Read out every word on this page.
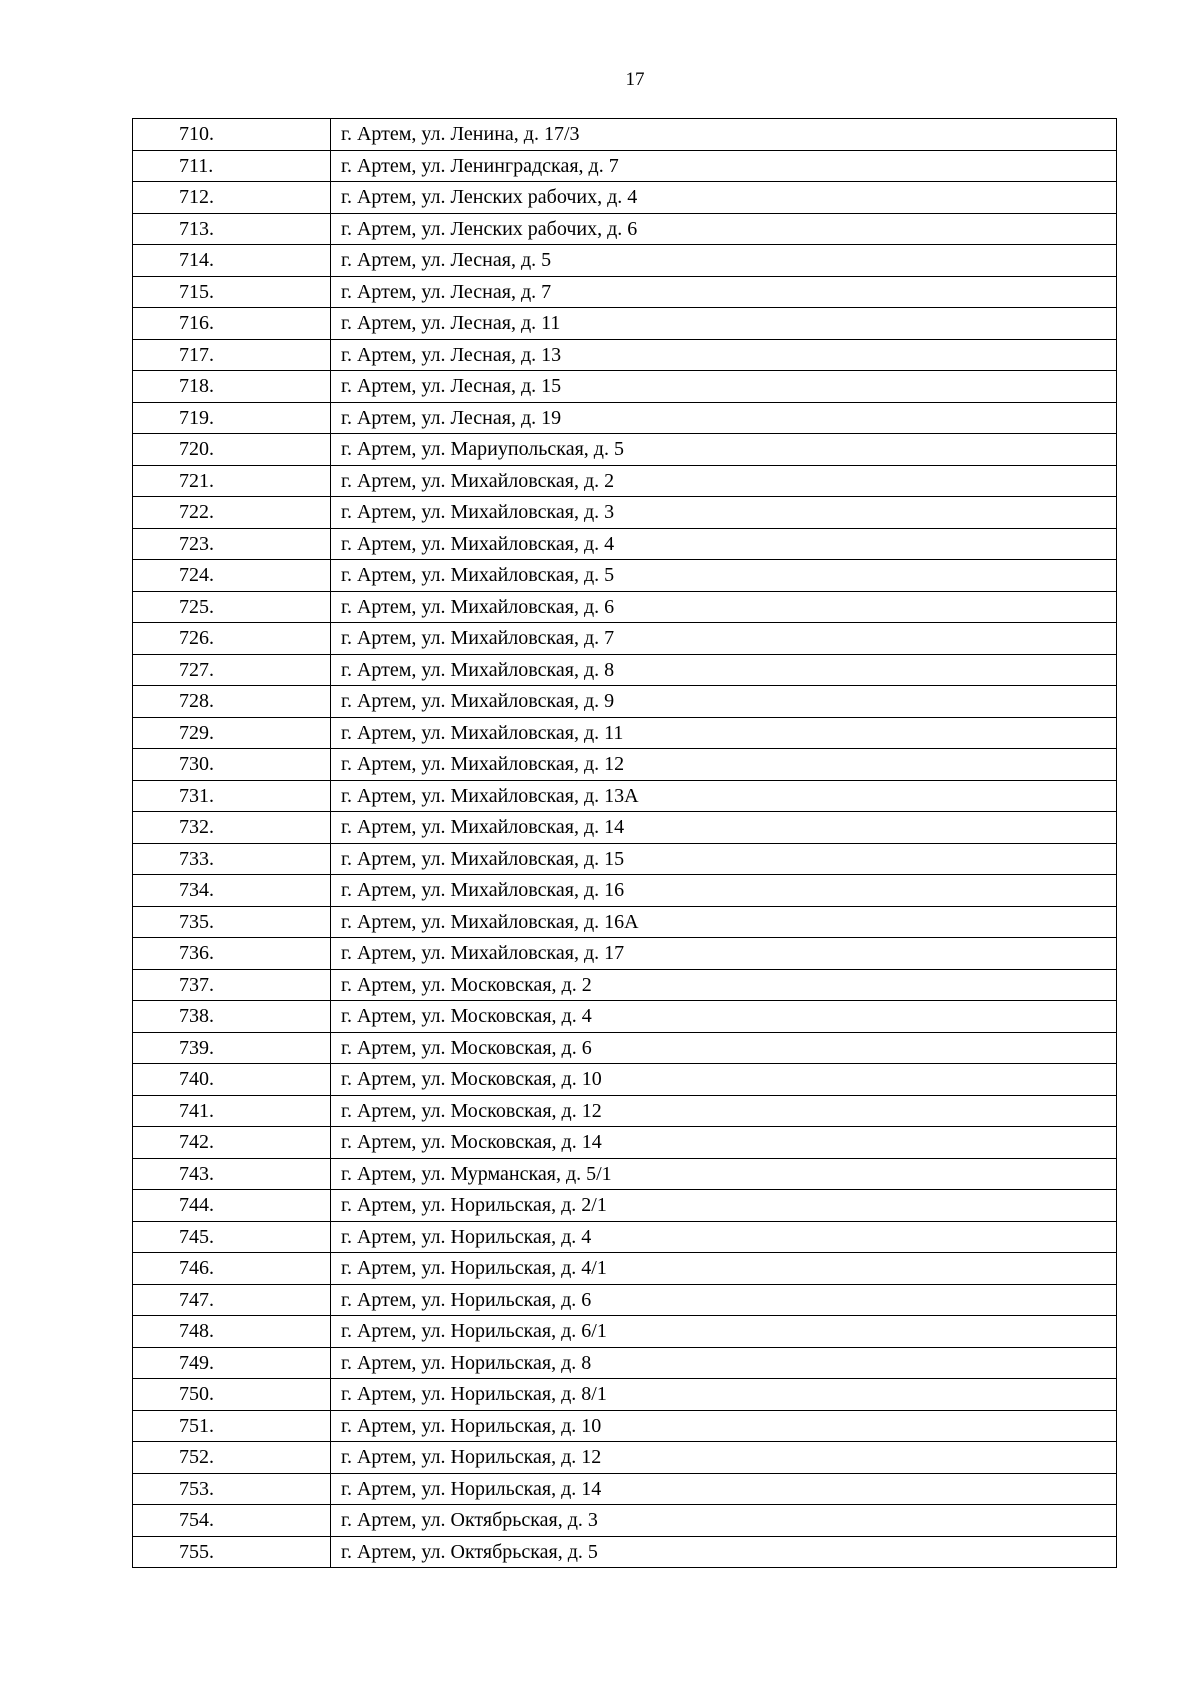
17
710.	г. Артем, ул. Ленина, д. 17/3
711.	г. Артем, ул. Ленинградская, д. 7
712.	г. Артем, ул. Ленских рабочих, д. 4
713.	г. Артем, ул. Ленских рабочих, д. 6
714.	г. Артем, ул. Лесная, д. 5
715.	г. Артем, ул. Лесная, д. 7
716.	г. Артем, ул. Лесная, д. 11
717.	г. Артем, ул. Лесная, д. 13
718.	г. Артем, ул. Лесная, д. 15
719.	г. Артем, ул. Лесная, д. 19
720.	г. Артем, ул. Мариупольская, д. 5
721.	г. Артем, ул. Михайловская, д. 2
722.	г. Артем, ул. Михайловская, д. 3
723.	г. Артем, ул. Михайловская, д. 4
724.	г. Артем, ул. Михайловская, д. 5
725.	г. Артем, ул. Михайловская, д. 6
726.	г. Артем, ул. Михайловская, д. 7
727.	г. Артем, ул. Михайловская, д. 8
728.	г. Артем, ул. Михайловская, д. 9
729.	г. Артем, ул. Михайловская, д. 11
730.	г. Артем, ул. Михайловская, д. 12
731.	г. Артем, ул. Михайловская, д. 13А
732.	г. Артем, ул. Михайловская, д. 14
733.	г. Артем, ул. Михайловская, д. 15
734.	г. Артем, ул. Михайловская, д. 16
735.	г. Артем, ул. Михайловская, д. 16А
736.	г. Артем, ул. Михайловская, д. 17
737.	г. Артем, ул. Московская, д. 2
738.	г. Артем, ул. Московская, д. 4
739.	г. Артем, ул. Московская, д. 6
740.	г. Артем, ул. Московская, д. 10
741.	г. Артем, ул. Московская, д. 12
742.	г. Артем, ул. Московская, д. 14
743.	г. Артем, ул. Мурманская, д. 5/1
744.	г. Артем, ул. Норильская, д. 2/1
745.	г. Артем, ул. Норильская, д. 4
746.	г. Артем, ул. Норильская, д. 4/1
747.	г. Артем, ул. Норильская, д. 6
748.	г. Артем, ул. Норильская, д. 6/1
749.	г. Артем, ул. Норильская, д. 8
750.	г. Артем, ул. Норильская, д. 8/1
751.	г. Артем, ул. Норильская, д. 10
752.	г. Артем, ул. Норильская, д. 12
753.	г. Артем, ул. Норильская, д. 14
754.	г. Артем, ул. Октябрьская, д. 3
755.	г. Артем, ул. Октябрьская, д. 5
